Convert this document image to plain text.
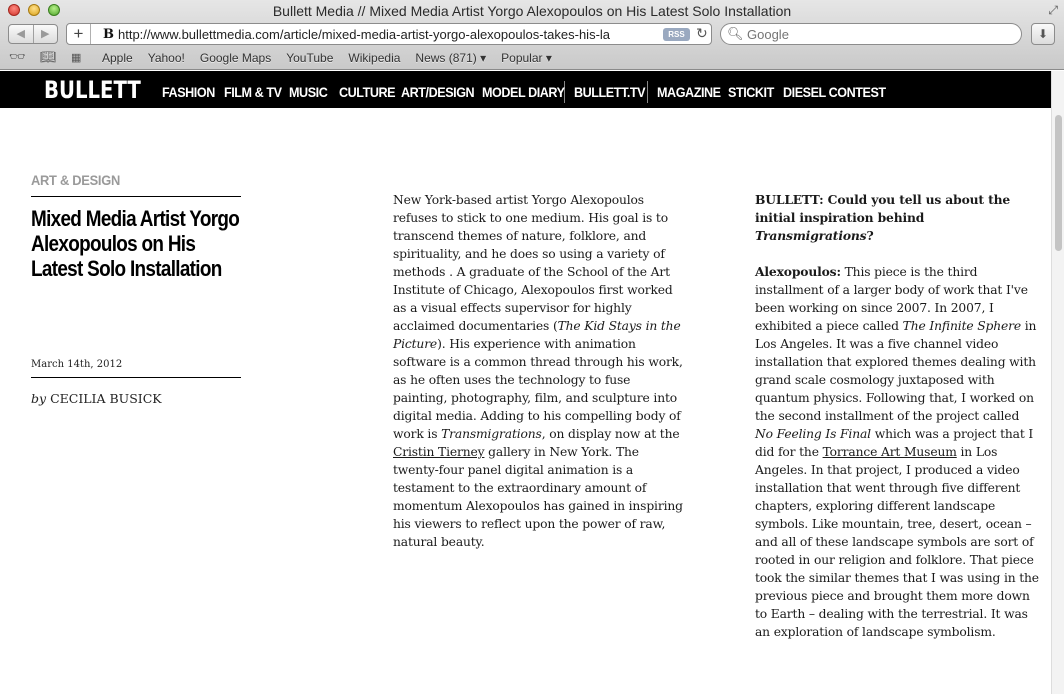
Bullett Media // Mixed Media Artist Yorgo Alexopoulos on His Latest Solo Installation	⤢
◀	▶	+	B http://www.bullettmedia.com/article/mixed-media-artist-yorgo-alexopoulos-takes-his-la	RSS ↻ 🔍︎
Google	⬇
👓︎ 📖︎ ▦ Apple Yahoo! Google Maps YouTube Wikipedia News (871) ▾ Popular ▾
BULLETT FASHION FILM & TV MUSIC CULTURE ART/DESIGN MODEL DIARY BULLETT.TV MAGAZINE STICKIT DIESEL CONTEST
ART & DESIGN
Mixed Media Artist Yorgo Alexopoulos on His Latest Solo Installation
March 14th, 2012
by CECILIA BUSICK
New York-based artist Yorgo Alexopoulos refuses to stick to one medium. His goal is to transcend themes of nature, folklore, and spirituality, and he does so using a variety of methods . A graduate of the School of the Art Institute of Chicago, Alexopoulos first worked as a visual effects supervisor for highly acclaimed documentaries (The Kid Stays in the Picture). His experience with animation software is a common thread through his work, as he often uses the technology to fuse painting, photography, film, and sculpture into digital media. Adding to his compelling body of work is Transmigrations, on display now at the Cristin Tierney gallery in New York. The twenty-four panel digital animation is a testament to the extraordinary amount of momentum Alexopoulos has gained in inspiring his viewers to reflect upon the power of raw, natural beauty.
BULLETT: Could you tell us about the initial inspiration behind Transmigrations?
Alexopoulos: This piece is the third installment of a larger body of work that I've been working on since 2007. In 2007, I exhibited a piece called The Infinite Sphere in Los Angeles. It was a five channel video installation that explored themes dealing with grand scale cosmology juxtaposed with quantum physics. Following that, I worked on the second installment of the project called No Feeling Is Final which was a project that I did for the Torrance Art Museum in Los Angeles. In that project, I produced a video installation that went through five different chapters, exploring different landscape symbols. Like mountain, tree, desert, ocean – and all of these landscape symbols are sort of rooted in our religion and folklore. That piece took the similar themes that I was using in the previous piece and brought them more down to Earth – dealing with the terrestrial. It was an exploration of landscape symbolism.
